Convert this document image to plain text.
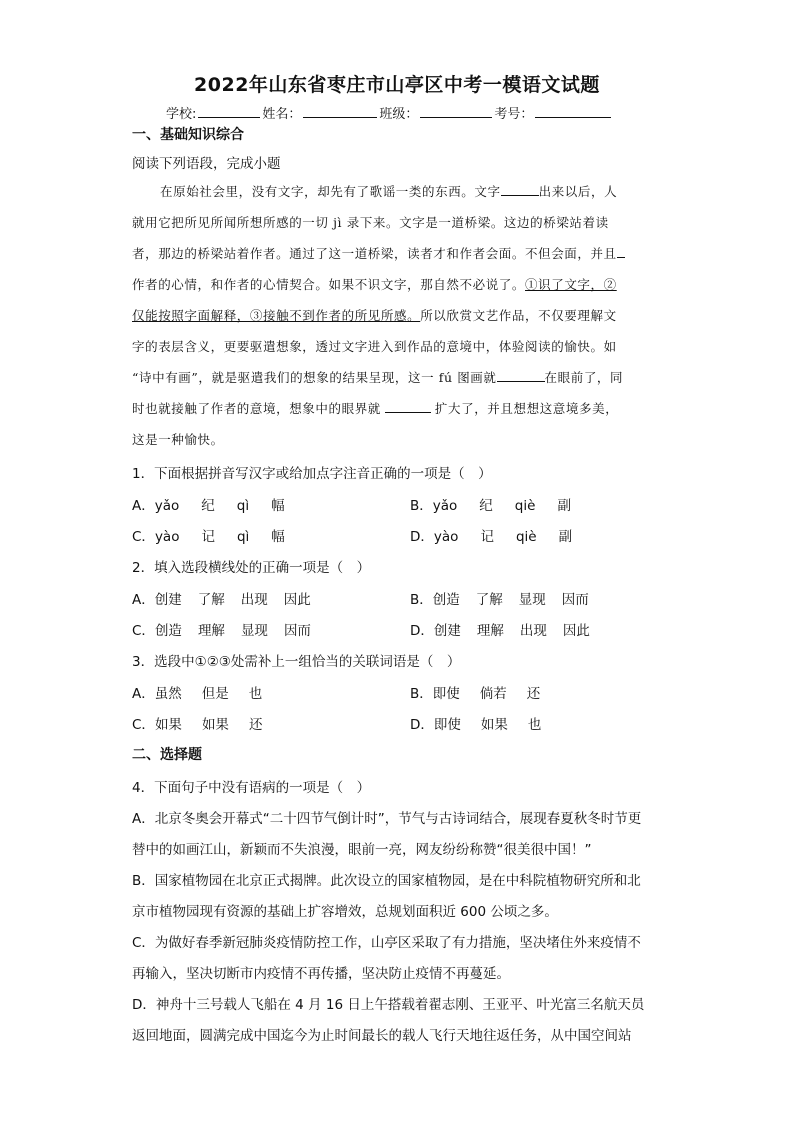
2022年山东省枣庄市山亭区中考一模语文试题
学校:	姓名：	班级：	考号：
一、基础知识综合
阅读下列语段，完成小题
在原始社会里，没有文字，却先有了歌谣一类的东西。文字	出来以后，人
就用它把所见所闻所想所感的一切 jì 录下来。文字是一道桥梁。这边的桥梁站着读
者，那边的桥梁站着作者。通过了这一道桥梁，读者才和作者会面。不但会面，并且
作者的心情，和作者的心情契合。如果不识文字，那自然不必说了。①识了文字，②
仅能按照字面解释，③接触不到作者的所见所感。所以欣赏文艺作品，不仅要理解文
字的表层含义，更要驱遣想象，透过文字进入到作品的意境中，体验阅读的愉快。如
“诗中有画”，就是驱遣我们的想象的结果呈现，这一 fú 图画就	在眼前了，同
时也就接触了作者的意境，想象中的眼界就	扩大了，并且想想这意境多美，
这是一种愉快。
1．下面根据拼音写汉字或给加点字注音正确的一项是（　）
A．yǎo 纪 qì 幅	B．yǎo 纪 qiè 副
C．yào 记 qì 幅	D．yào 记 qiè 副
2．填入选段横线处的正确一项是（　）
A．创建 了解 出现 因此	B．创造 了解 显现 因而
C．创造 理解 显现 因而	D．创建 理解 出现 因此
3．选段中①②③处需补上一组恰当的关联词语是（　）
A．虽然 但是 也	B．即使 倘若 还
C．如果 如果 还	D．即使 如果 也
二、选择题
4．下面句子中没有语病的一项是（　）
A．北京冬奥会开幕式“二十四节气倒计时”，节气与古诗词结合，展现春夏秋冬时节更
替中的如画江山，新颖而不失浪漫，眼前一亮，网友纷纷称赞“很美很中国！”
B．国家植物园在北京正式揭牌。此次设立的国家植物园，是在中科院植物研究所和北
京市植物园现有资源的基础上扩容增效，总规划面积近 600 公顷之多。
C．为做好春季新冠肺炎疫情防控工作，山亭区采取了有力措施，坚决堵住外来疫情不
再输入，坚决切断市内疫情不再传播，坚决防止疫情不再蔓延。
D．神舟十三号载人飞船在 4 月 16 日上午搭载着翟志刚、王亚平、叶光富三名航天员
返回地面，圆满完成中国迄今为止时间最长的载人飞行天地往返任务，从中国空间站
